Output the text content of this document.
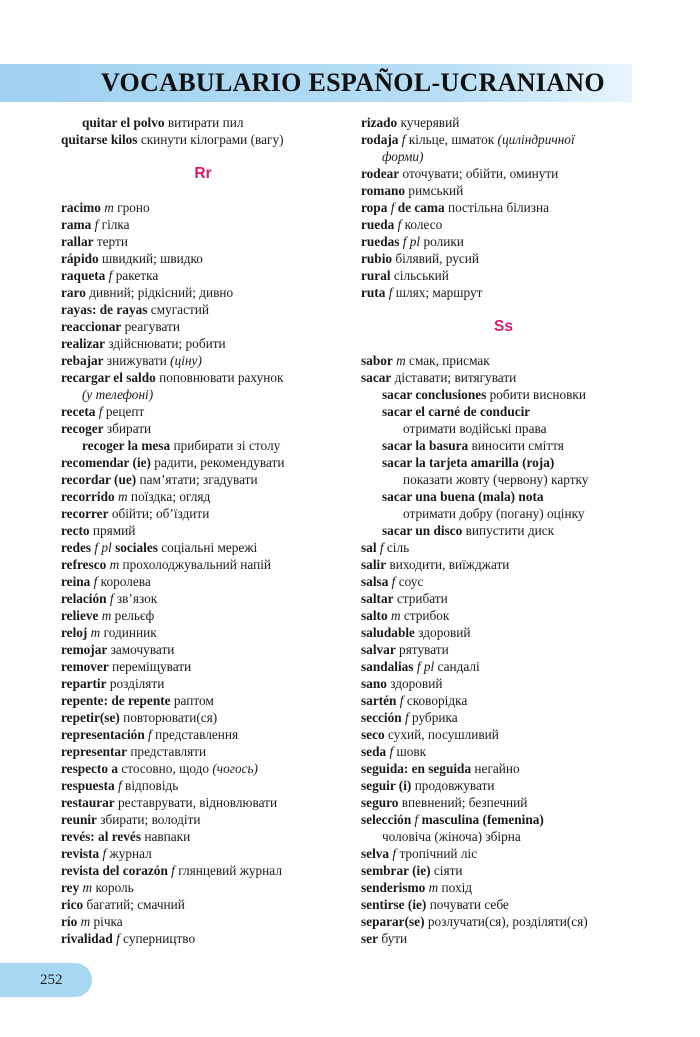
VOCABULARIO ESPAÑOL-UCRANIANO
quitar el polvo витирати пил
quitarse kilos скинути кілограми (вагу)
Rr
racimo m гроно
rama f гілка
rallar терти
rápido швидкий; швидко
raqueta f ракетка
raro дивний; рідкісний; дивно
rayas: de rayas смугастий
reaccionar реагувати
realizar здійснювати; робити
rebajar знижувати (ціну)
recargar el saldo поповнювати рахунок
(у телефоні)
receta f рецепт
recoger збирати
recoger la mesa прибирати зі столу
recomendar (ie) радити, рекомендувати
recordar (ue) пам’ятати; згадувати
recorrido m поїздка; огляд
recorrer обійти; об’їздити
recto прямий
redes f pl sociales соціальні мережі
refresco m прохолоджувальний напій
reina f королева
relación f зв’язок
relieve m рельєф
reloj m годинник
remojar замочувати
remover переміщувати
repartir розділяти
repente: de repente раптом
repetir(se) повторювати(ся)
representación f представлення
representar представляти
respecto a стосовно, щодо (чогось)
respuesta f відповідь
restaurar реставрувати, відновлювати
reunir збирати; володіти
revés: al revés навпаки
revista f журнал
revista del corazón f глянцевий журнал
rey m король
rico багатий; смачний
río m річка
rivalidad f суперництво
rizado кучерявий
rodaja f кільце, шматок (циліндричної
форми)
rodear оточувати; обійти, оминути
romano римський
ropa f de cama постільна білизна
rueda f колесо
ruedas f pl ролики
rubio білявий, русий
rural сільський
ruta f шлях; маршрут
Ss
sabor m смак, присмак
sacar діставати; витягувати
sacar conclusiones робити висновки
sacar el carné de conducir
отримати водійські права
sacar la basura виносити сміття
sacar la tarjeta amarilla (roja)
показати жовту (червону) картку
sacar una buena (mala) nota
отримати добру (погану) оцінку
sacar un disco випустити диск
sal f сіль
salir виходити, виїжджати
salsa f соус
saltar стрибати
salto m стрибок
saludable здоровий
salvar рятувати
sandalias f pl сандалі
sano здоровий
sartén f сковорідка
sección f рубрика
seco сухий, посушливий
seda f шовк
seguida: en seguida негайно
seguir (i) продовжувати
seguro впевнений; безпечний
selección f masculina (femenina)
чоловіча (жіноча) збірна
selva f тропічний ліс
sembrar (ie) сіяти
senderismo m похід
sentirse (ie) почувати себе
separar(se) розлучати(ся), розділяти(ся)
ser бути
252
